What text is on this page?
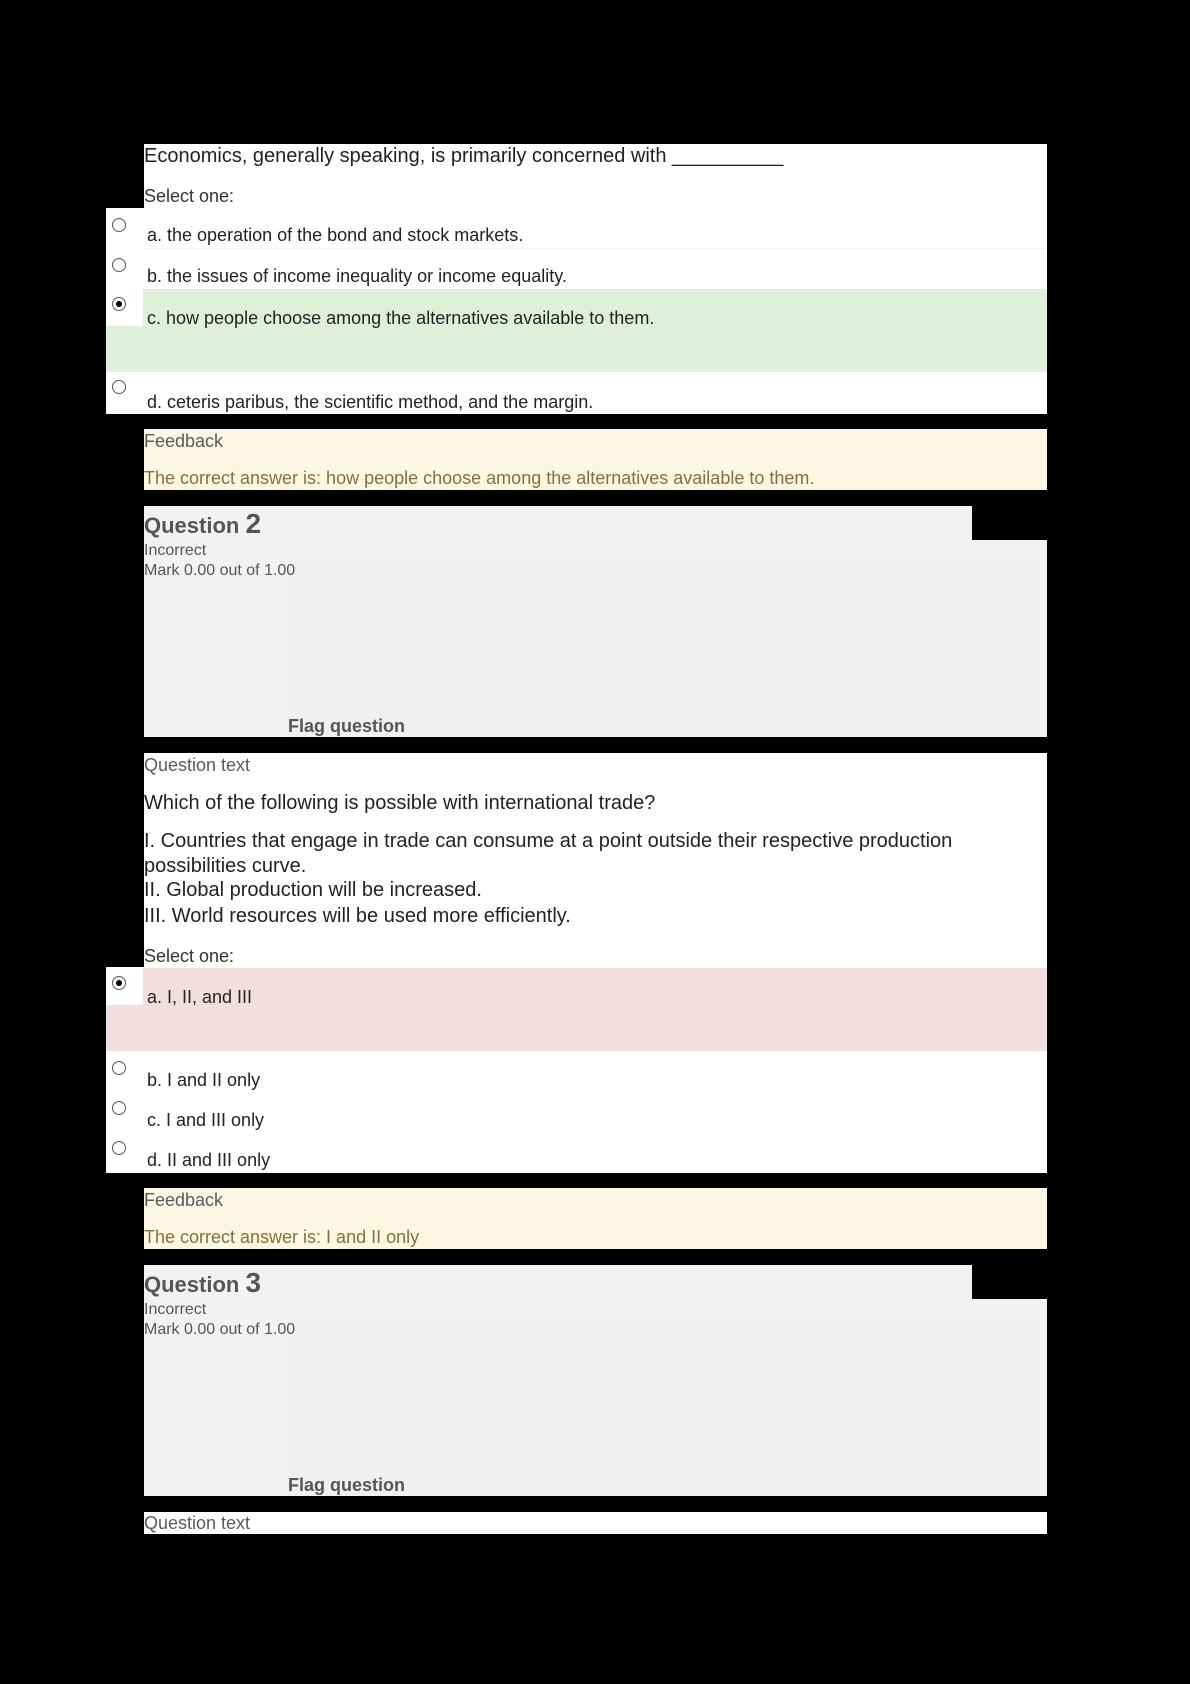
Economics, generally speaking, is primarily concerned with __________
Select one:
a. the operation of the bond and stock markets.
b. the issues of income inequality or income equality.
c. how people choose among the alternatives available to them.
d. ceteris paribus, the scientific method, and the margin.
Feedback
The correct answer is: how people choose among the alternatives available to them.
Question 2
Incorrect
Mark 0.00 out of 1.00
Flag question
Question text
Which of the following is possible with international trade?
I. Countries that engage in trade can consume at a point outside their respective production possibilities curve.
II. Global production will be increased.
III. World resources will be used more efficiently.
Select one:
a. I, II, and III
b. I and II only
c. I and III only
d. II and III only
Feedback
The correct answer is: I and II only
Question 3
Incorrect
Mark 0.00 out of 1.00
Flag question
Question text
